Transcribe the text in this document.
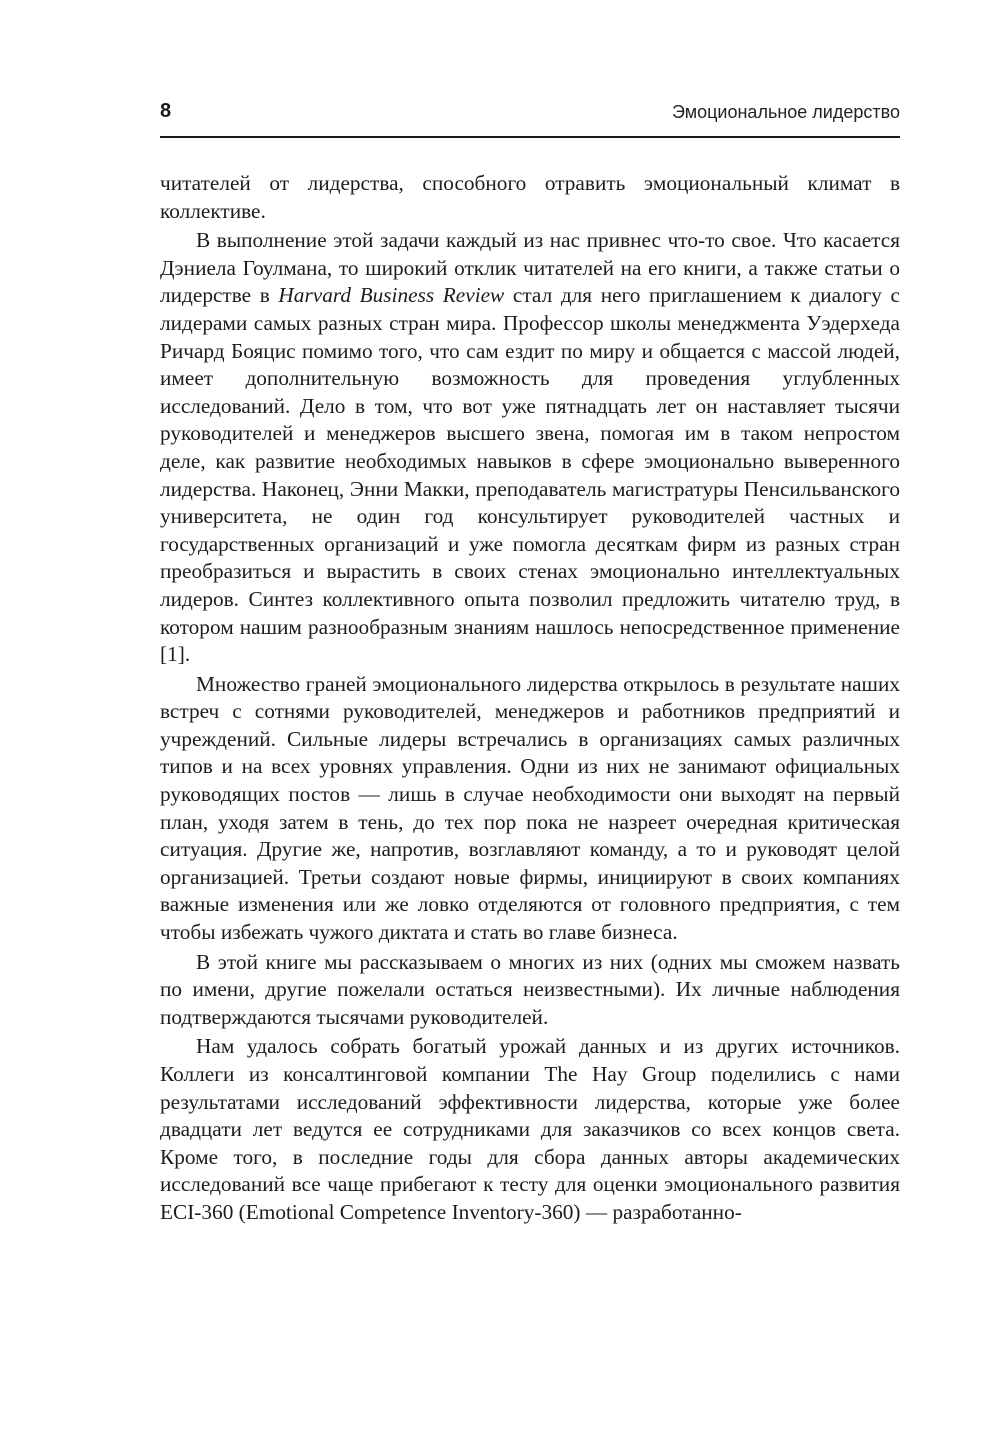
8	Эмоциональное лидерство

читателей от лидерства, способного отравить эмоциональный климат в коллективе.

В выполнение этой задачи каждый из нас привнес что-то свое. Что касается Дэниела Гоулмана, то широкий отклик читателей на его книги, а также статьи о лидерстве в Harvard Business Review стал для него приглашением к диалогу с лидерами самых разных стран мира. Профессор школы менеджмента Уэдерхеда Ричард Бояцис помимо того, что сам ездит по миру и общается с массой людей, имеет дополнительную возможность для проведения углубленных исследований. Дело в том, что вот уже пятнадцать лет он наставляет тысячи руководителей и менеджеров высшего звена, помогая им в таком непростом деле, как развитие необходимых навыков в сфере эмоционально выверенного лидерства. Наконец, Энни Макки, преподаватель магистратуры Пенсильванского университета, не один год консультирует руководителей частных и государственных организаций и уже помогла десяткам фирм из разных стран преобразиться и вырастить в своих стенах эмоционально интеллектуальных лидеров. Синтез коллективного опыта позволил предложить читателю труд, в котором нашим разнообразным знаниям нашлось непосредственное применение [1].

Множество граней эмоционального лидерства открылось в результате наших встреч с сотнями руководителей, менеджеров и работников предприятий и учреждений. Сильные лидеры встречались в организациях самых различных типов и на всех уровнях управления. Одни из них не занимают официальных руководящих постов — лишь в случае необходимости они выходят на первый план, уходя затем в тень, до тех пор пока не назреет очередная критическая ситуация. Другие же, напротив, возглавляют команду, а то и руководят целой организацией. Третьи создают новые фирмы, инициируют в своих компаниях важные изменения или же ловко отделяются от головного предприятия, с тем чтобы избежать чужого диктата и стать во главе бизнеса.

В этой книге мы рассказываем о многих из них (одних мы сможем назвать по имени, другие пожелали остаться неизвестными). Их личные наблюдения подтверждаются тысячами руководителей.

Нам удалось собрать богатый урожай данных и из других источников. Коллеги из консалтинговой компании The Hay Group поделились с нами результатами исследований эффективности лидерства, которые уже более двадцати лет ведутся ее сотрудниками для заказчиков со всех концов света. Кроме того, в последние годы для сбора данных авторы академических исследований все чаще прибегают к тесту для оценки эмоционального развития ECI-360 (Emotional Competence Inventory-360) — разработанно-
